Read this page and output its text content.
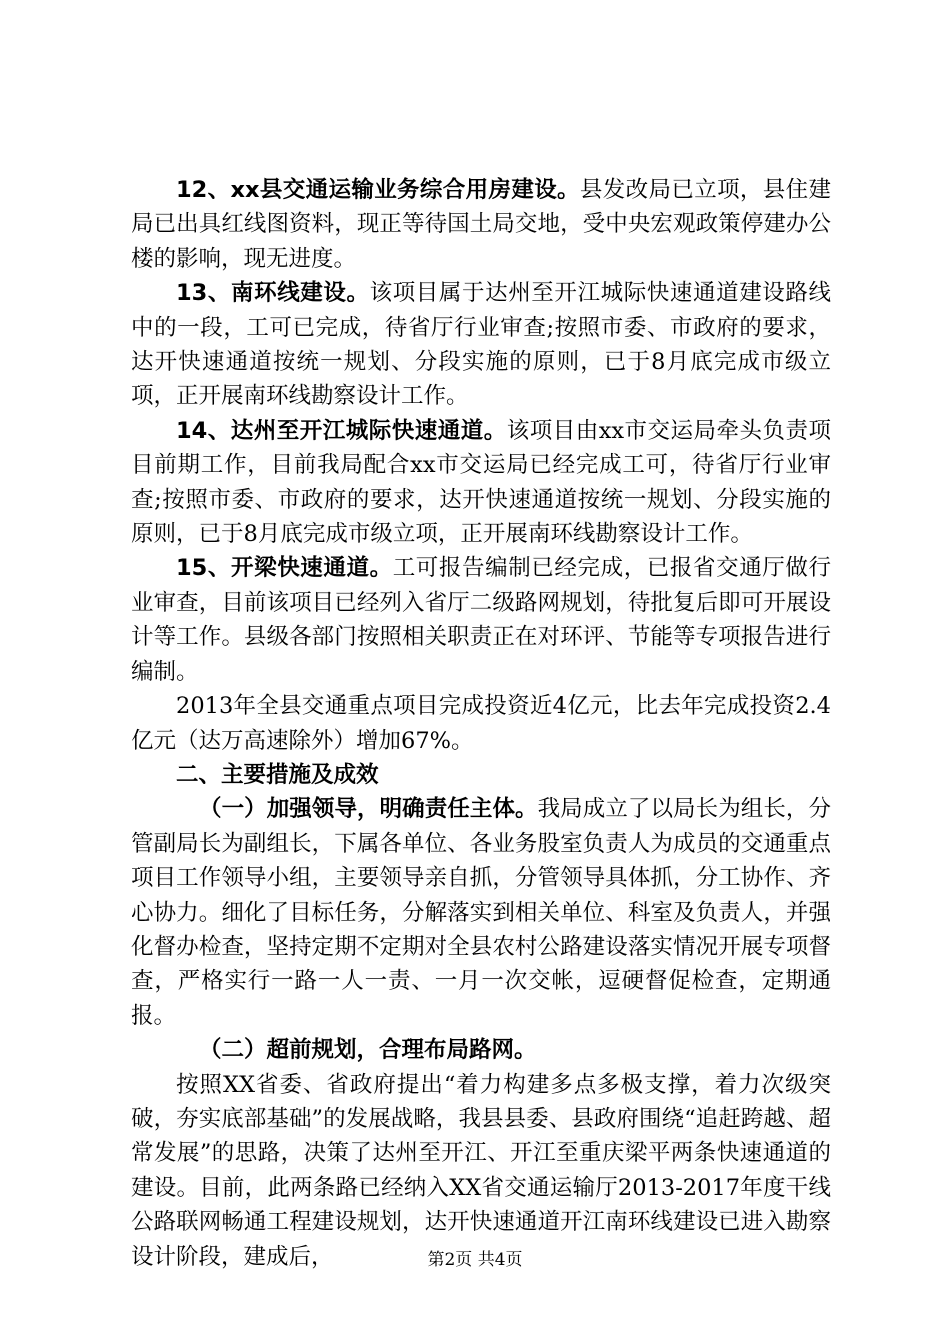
12、xx县交通运输业务综合用房建设。县发改局已立项，县住建局已出具红线图资料，现正等待国土局交地，受中央宏观政策停建办公楼的影响，现无进度。

13、南环线建设。该项目属于达州至开江城际快速通道建设路线中的一段，工可已完成，待省厅行业审查;按照市委、市政府的要求，达开快速通道按统一规划、分段实施的原则，已于8月底完成市级立项，正开展南环线勘察设计工作。

14、达州至开江城际快速通道。该项目由xx市交运局牵头负责项目前期工作，目前我局配合xx市交运局已经完成工可，待省厅行业审查;按照市委、市政府的要求，达开快速通道按统一规划、分段实施的原则，已于8月底完成市级立项，正开展南环线勘察设计工作。

15、开梁快速通道。工可报告编制已经完成，已报省交通厅做行业审查，目前该项目已经列入省厅二级路网规划，待批复后即可开展设计等工作。县级各部门按照相关职责正在对环评、节能等专项报告进行编制。

2013年全县交通重点项目完成投资近4亿元，比去年完成投资2.4亿元（达万高速除外）增加67%。

二、主要措施及成效

（一）加强领导，明确责任主体。我局成立了以局长为组长，分管副局长为副组长，下属各单位、各业务股室负责人为成员的交通重点项目工作领导小组，主要领导亲自抓，分管领导具体抓，分工协作、齐心协力。细化了目标任务，分解落实到相关单位、科室及负责人，并强化督办检查，坚持定期不定期对全县农村公路建设落实情况开展专项督查，严格实行一路一人一责、一月一次交帐，逗硬督促检查，定期通报。

（二）超前规划，合理布局路网。

按照XX省委、省政府提出“着力构建多点多极支撑，着力次级突破，夯实底部基础”的发展战略，我县县委、县政府围绕“追赶跨越、超常发展”的思路，决策了达州至开江、开江至重庆梁平两条快速通道的建设。目前，此两条路已经纳入XX省交通运输厅2013-2017年度干线公路联网畅通工程建设规划，达开快速通道开江南环线建设已进入勘察设计阶段，建成后，	第2页 共4页
